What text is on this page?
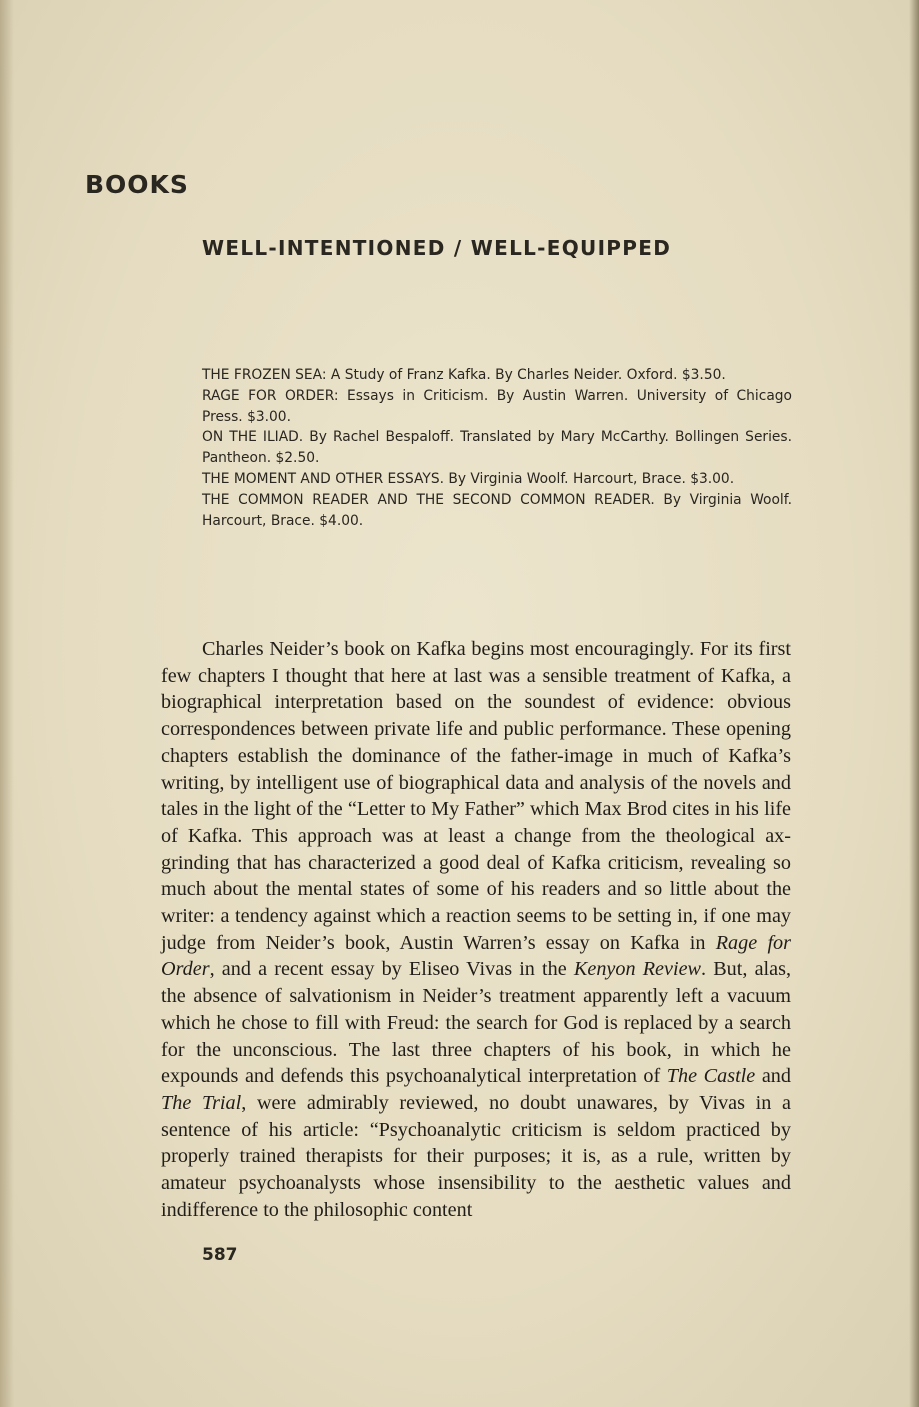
BOOKS
WELL-INTENTIONED / WELL-EQUIPPED
THE FROZEN SEA: A Study of Franz Kafka. By Charles Neider. Oxford. $3.50.
RAGE FOR ORDER: Essays in Criticism. By Austin Warren. University of Chicago Press. $3.00.
ON THE ILIAD. By Rachel Bespaloff. Translated by Mary McCarthy. Bollingen Series. Pantheon. $2.50.
THE MOMENT AND OTHER ESSAYS. By Virginia Woolf. Harcourt, Brace. $3.00.
THE COMMON READER AND THE SECOND COMMON READER. By Virginia Woolf. Harcourt, Brace. $4.00.

Charles Neider’s book on Kafka begins most encouragingly. For its first few chapters I thought that here at last was a sensible treatment of Kafka, a biographical interpretation based on the soundest of evidence: obvious correspondences between private life and public performance. These opening chapters establish the dominance of the father-image in much of Kafka’s writing, by intelligent use of biographical data and analysis of the novels and tales in the light of the “Letter to My Father” which Max Brod cites in his life of Kafka. This approach was at least a change from the theological ax-grinding that has characterized a good deal of Kafka criticism, revealing so much about the mental states of some of his readers and so little about the writer: a tendency against which a reaction seems to be setting in, if one may judge from Neider’s book, Austin Warren’s essay on Kafka in Rage for Order, and a recent essay by Eliseo Vivas in the Kenyon Review. But, alas, the absence of salvationism in Neider’s treatment apparently left a vacuum which he chose to fill with Freud: the search for God is replaced by a search for the unconscious. The last three chapters of his book, in which he expounds and defends this psychoanalytical interpretation of The Castle and The Trial, were admirably reviewed, no doubt unawares, by Vivas in a sentence of his article: “Psychoanalytic criticism is seldom practiced by properly trained therapists for their purposes; it is, as a rule, written by amateur psychoanalysts whose insensibility to the aesthetic values and indifference to the philosophic content

587
